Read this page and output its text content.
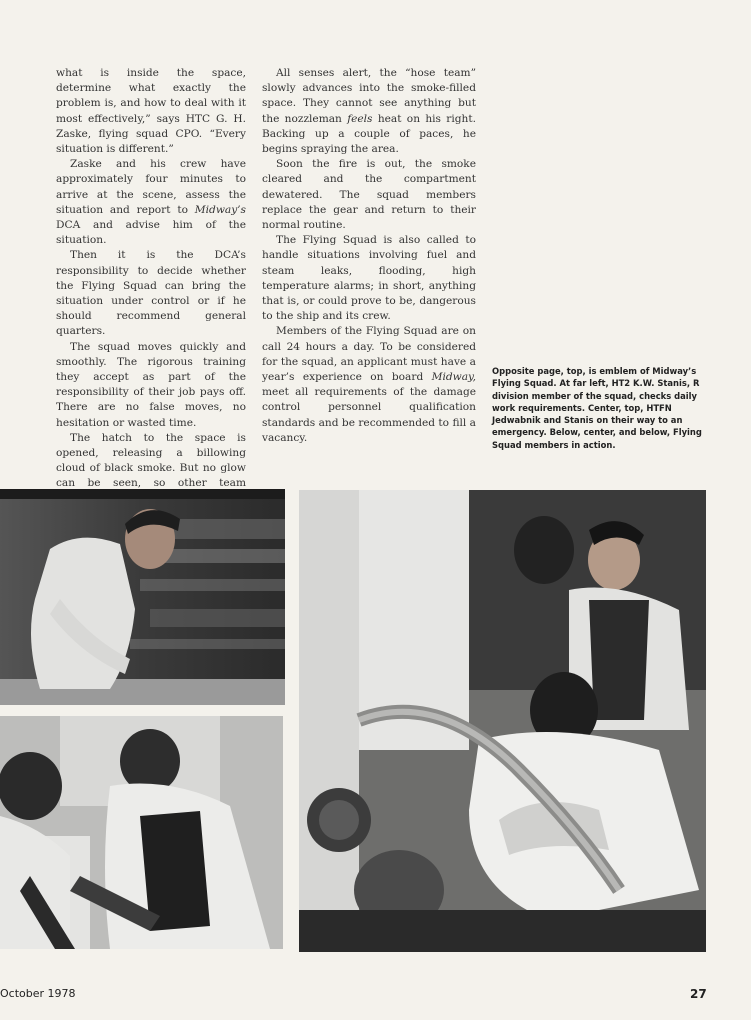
what is inside the space, determine what exactly the problem is, and how to deal with it most effectively,” says HTC G. H. Zaske, flying squad CPO. “Every situation is different.”

Zaske and his crew have approximately four minutes to arrive at the scene, assess the situation and report to Midway’s DCA and advise him of the situation.

Then it is the DCA’s responsibility to decide whether the Flying Squad can bring the situation under control or if he should recommend general quarters.

The squad moves quickly and smoothly. The rigorous training they accept as part of the responsibility of their job pays off. There are no false moves, no hesitation or wasted time.

The hatch to the space is opened, releasing a billowing cloud of black smoke. But no glow can be seen, so other team

All senses alert, the “hose team” slowly advances into the smoke-filled space. They cannot see anything but the nozzleman feels heat on his right. Backing up a couple of paces, he begins spraying the area.

Soon the fire is out, the smoke cleared and the compartment dewatered. The squad members replace the gear and return to their normal routine.

The Flying Squad is also called to handle situations involving fuel and steam leaks, flooding, high temperature alarms; in short, anything that is, or could prove to be, dangerous to the ship and its crew.

Members of the Flying Squad are on call 24 hours a day. To be considered for the squad, an applicant must have a year’s experience on board Midway, meet all requirements of the damage control personnel qualification standards and be recommended to fill a vacancy.

Opposite page, top, is emblem of Midway’s Flying Squad. At far left, HT2 K.W. Stanis, R division member of the squad, checks daily work requirements. Center, top, HTFN Jedwabnik and Stanis on their way to an emergency. Below, center, and below, Flying Squad members in action.
October 1978	27
